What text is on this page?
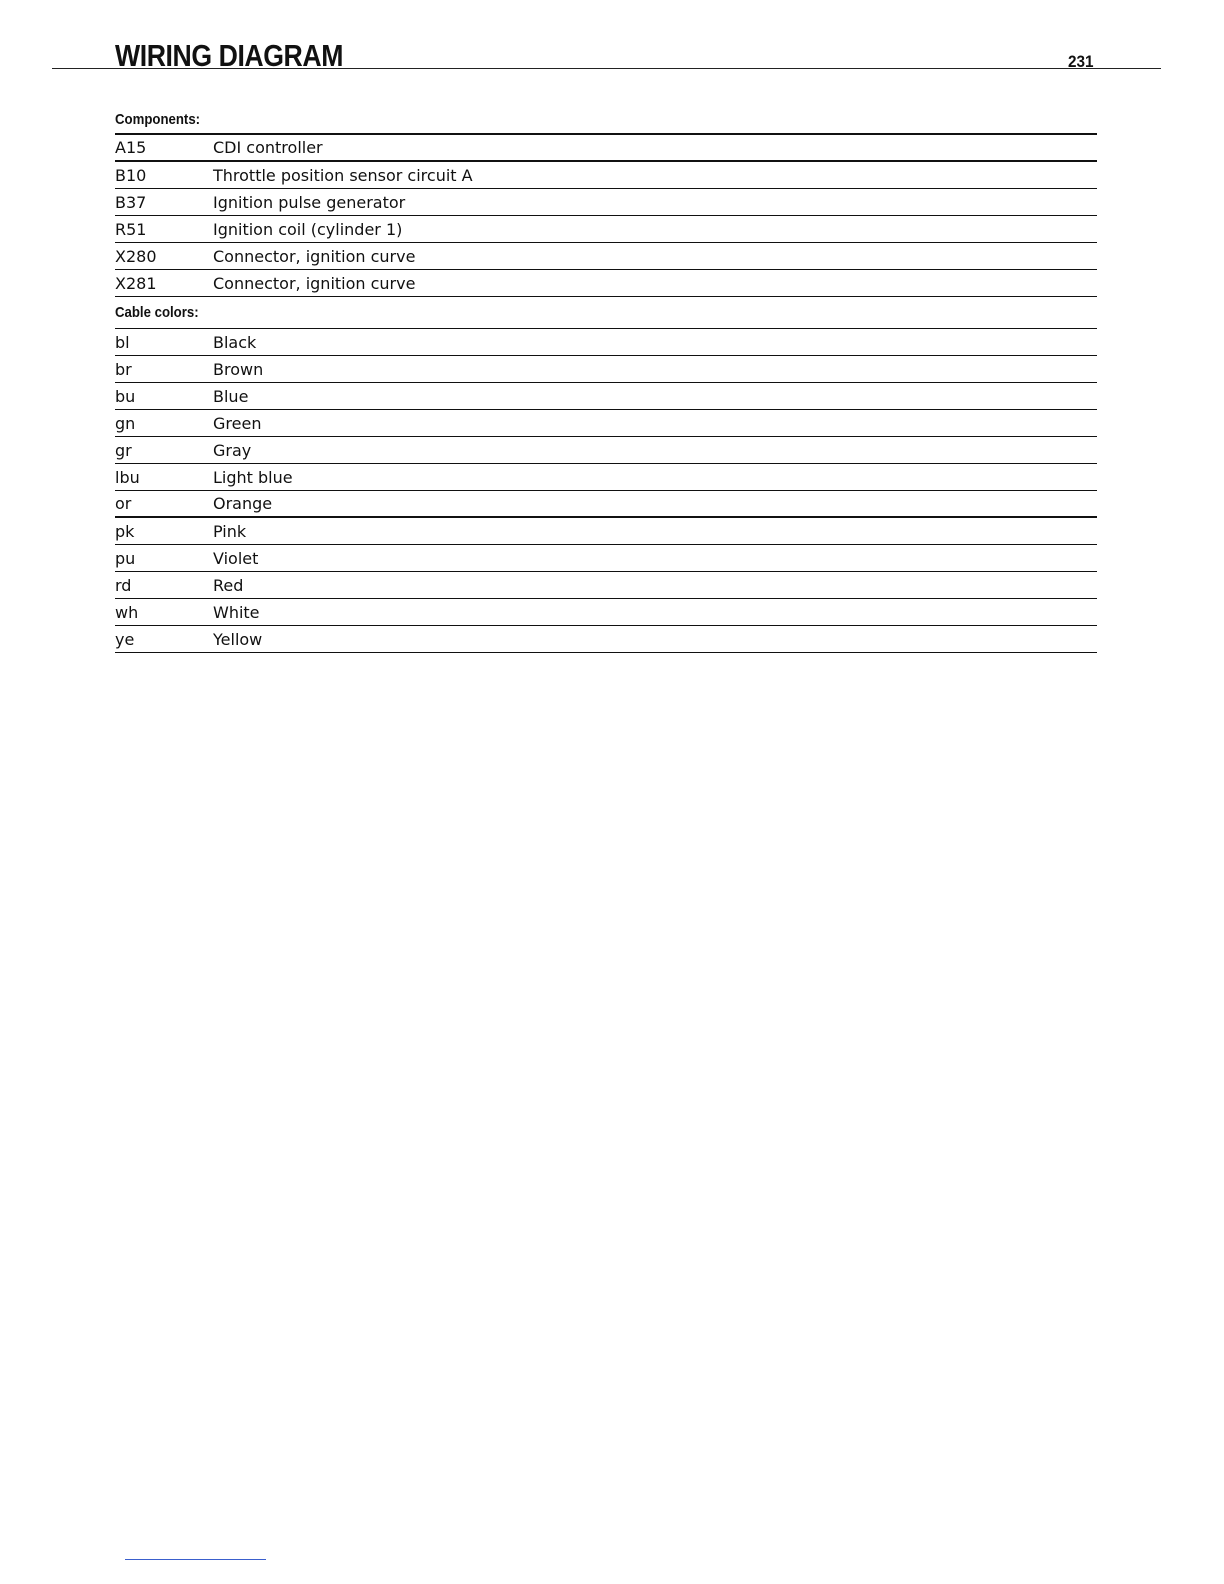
WIRING DIAGRAM	231
Components:
A15	CDI controller
B10	Throttle position sensor circuit A
B37	Ignition pulse generator
R51	Ignition coil (cylinder 1)
X280	Connector, ignition curve
X281	Connector, ignition curve
Cable colors:
bl	Black
br	Brown
bu	Blue
gn	Green
gr	Gray
lbu	Light blue
or	Orange
pk	Pink
pu	Violet
rd	Red
wh	White
ye	Yellow
